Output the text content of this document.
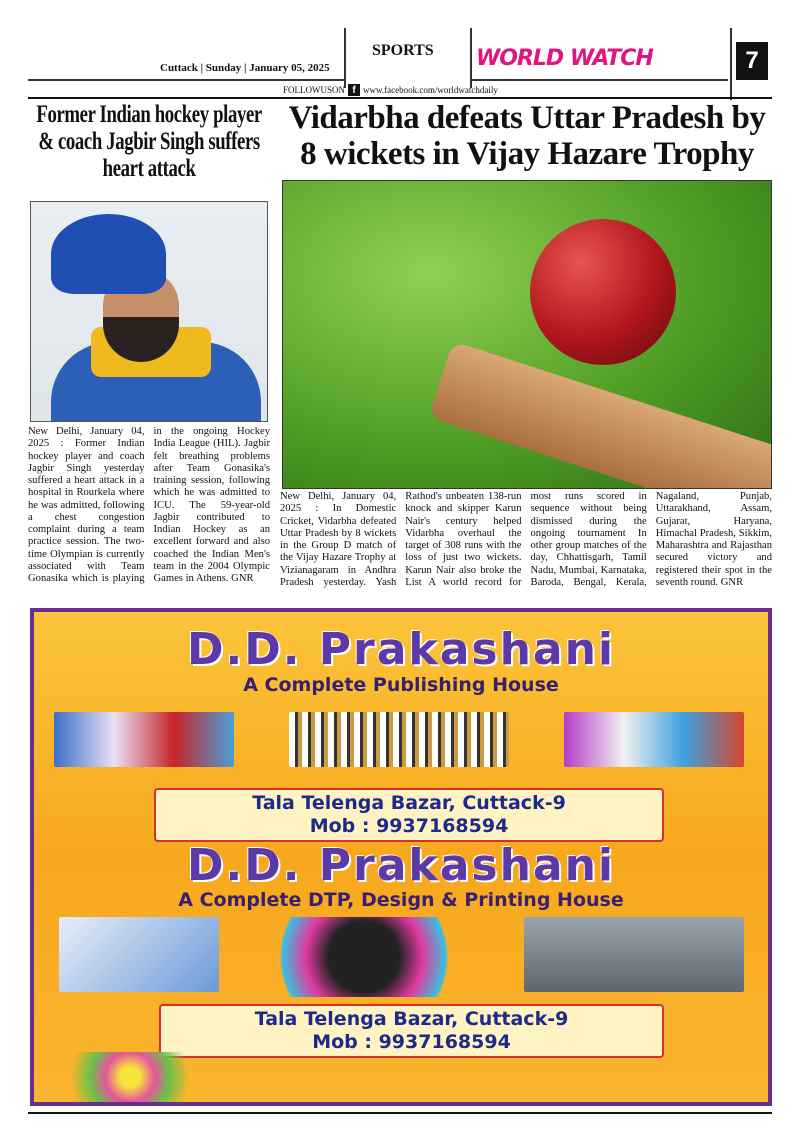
Cuttack | Sunday | January 05, 2025
SPORTS WORLD WATCH	7
FOLLOWUSON f www.facebook.com/worldwatchdaily
Former Indian hockey player & coach Jagbir Singh suffers heart attack
New Delhi, January 04, 2025 : Former Indian hockey player and coach Jagbir Singh yesterday suffered a heart attack in a hospital in Rourkela where he was admitted, following a chest congestion complaint during a team practice session. The two-time Olympian is currently associated with Team Gonasika which is playing in the ongoing Hockey India League (HIL). Jagbir felt breathing problems after Team Gonasika's training session, following which he was admitted to ICU. The 59-year-old Jagbir contributed to Indian Hockey as an excellent forward and also coached the Indian Men's team in the 2004 Olympic Games in Athens. GNR
Vidarbha defeats Uttar Pradesh by 8 wickets in Vijay Hazare Trophy
New Delhi, January 04, 2025 : In Domestic Cricket, Vidarbha defeated Uttar Pradesh by 8 wickets in the Group D match of the Vijay Hazare Trophy at Vizianagaram in Andhra Pradesh yesterday. Yash Rathod's unbeaten 138-run knock and skipper Karun Nair's century helped Vidarbha overhaul the target of 308 runs with the loss of just two wickets. Karun Nair also broke the List A world record for most runs scored in sequence without being dismissed during the ongoing tournament In other group matches of the day, Chhattisgarh, Tamil Nadu, Mumbai, Karnataka, Baroda, Bengal, Kerala, Nagaland, Punjab, Uttarakhand, Assam, Gujarat, Haryana, Himachal Pradesh, Sikkim, Maharashtra and Rajasthan secured victory and registered their spot in the seventh round. GNR
D.D. Prakashani
A Complete Publishing House
Tala Telenga Bazar, Cuttack-9
Mob : 9937168594
D.D. Prakashani
A Complete DTP, Design & Printing House
Tala Telenga Bazar, Cuttack-9
Mob : 9937168594
